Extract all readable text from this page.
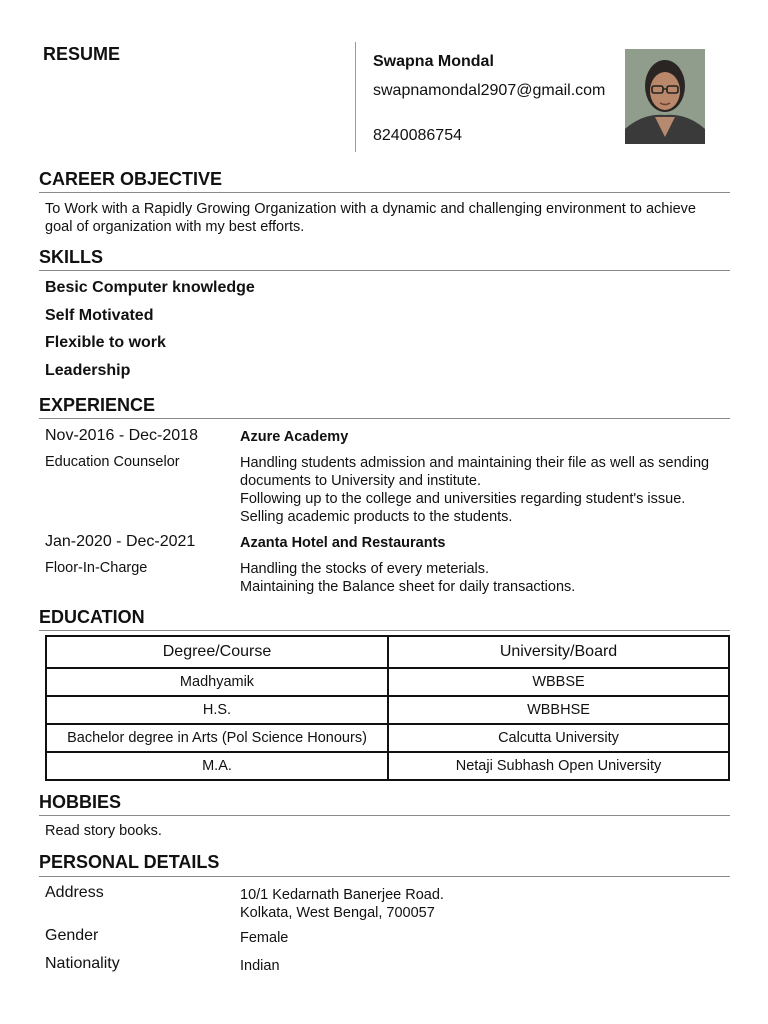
RESUME	Swapna Mondal
swapnamondal2907@gmail.com
8240086754
CAREER OBJECTIVE
To Work with a Rapidly Growing Organization with a dynamic and challenging environment to achieve goal of organization with my best efforts.
SKILLS
Besic Computer knowledge
Self Motivated
Flexible to work
Leadership
EXPERIENCE
Nov-2016 - Dec-2018	Azure Academy
Education Counselor	Handling students admission and maintaining their file as well as sending documents to University and institute.
Following up to the college and universities regarding student's issue.
Selling academic products to the students.
Jan-2020 - Dec-2021	Azanta Hotel and Restaurants
Floor-In-Charge	Handling the stocks of every meterials.
Maintaining the Balance sheet for daily transactions.
EDUCATION
Degree/Course	University/Board
Madhyamik	WBBSE
H.S.	WBBHSE
Bachelor degree in Arts (Pol Science Honours)	Calcutta University
M.A.	Netaji Subhash Open University
HOBBIES
Read story books.
PERSONAL DETAILS
Address	10/1 Kedarnath Banerjee Road.
Kolkata, West Bengal, 700057
Gender	Female
Nationality	Indian
